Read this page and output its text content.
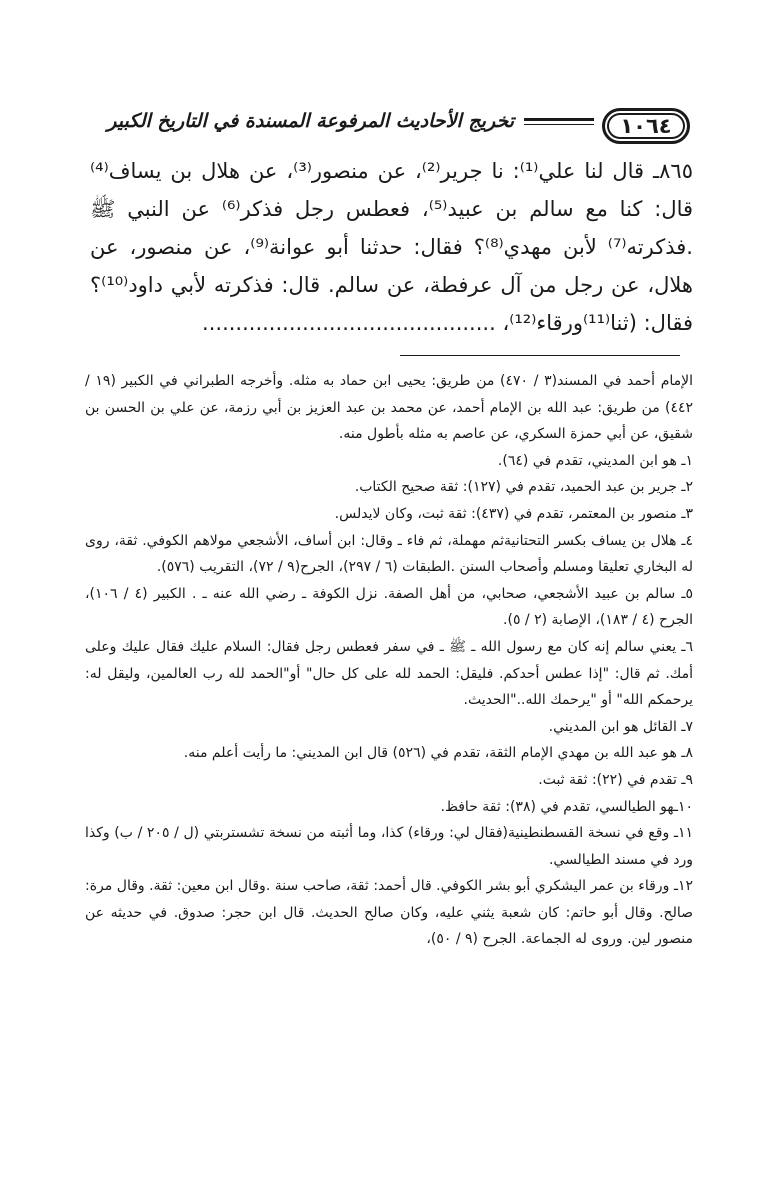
١٠٦٤
تخريج الأحاديث المرفوعة المسندة في التاريخ الكبير

٨٦٥ـ قال لنا علي⁽¹⁾: نا جرير⁽²⁾، عن منصور⁽³⁾، عن هلال بن يساف⁽⁴⁾ قال: كنا مع سالم بن عبيد⁽⁵⁾، فعطس رجل فذكر⁽⁶⁾ عن النبي ﷺ .فذكرته⁽⁷⁾ لأبن مهدي⁽⁸⁾؟ فقال: حدثنا أبو عوانة⁽⁹⁾، عن منصور، عن هلال، عن رجل من آل عرفطة، عن سالم. قال: فذكرته لأبي داود⁽¹⁰⁾؟ فقال: (ثنا⁽¹¹⁾ورقاء⁽¹²⁾، ............................................

الإمام أحمد في المسند(٣ / ٤٧٠) من طريق: يحيى ابن حماد به مثله. وأخرجه الطبراني في الكبير (١٩ / ٤٤٢) من طريق: عبد الله بن الإمام أحمد، عن محمد بن عبد العزيز بن أبي رزمة، عن علي بن الحسن بن شقيق، عن أبي حمزة السكري، عن عاصم به مثله بأطول منه.

١ـ هو ابن المديني، تقدم في (٦٤).

٢ـ جرير بن عبد الحميد، تقدم في (١٢٧): ثقة صحيح الكتاب.

٣ـ منصور بن المعتمر، تقدم في (٤٣٧): ثقة ثبت، وكان لايدلس.

٤ـ هلال بن يساف بكسر التحتانيةثم مهملة، ثم فاء ـ وقال: ابن أساف، الأشجعي مولاهم الكوفي. ثقة، روى له البخاري تعليقا ومسلم وأصحاب السنن .الطبقات (٦ / ٢٩٧)، الجرح(٩ / ٧٢)، التقريب (٥٧٦).

٥ـ سالم بن عبيد الأشجعي، صحابي، من أهل الصفة. نزل الكوفة ـ رضي الله عنه ـ . الكبير (٤ / ١٠٦)، الجرح (٤ / ١٨٣)، الإصابة (٢ / ٥).

٦ـ يعني سالم إنه كان مع رسول الله ـ ﷺ ـ في سفر فعطس رجل فقال: السلام عليك فقال عليك وعلى أمك. ثم قال: "إذا عطس أحدكم. فليقل: الحمد لله على كل حال" أو"الحمد لله رب العالمين، وليقل له: يرحمكم الله" أو "يرحمك الله.."الحديث.

٧ـ القائل هو ابن المديني.

٨ـ هو عبد الله بن مهدي الإمام الثقة، تقدم في (٥٢٦) قال ابن المديني: ما رأيت أعلم منه.

٩ـ تقدم في (٢٢): ثقة ثبت.

١٠ـهو الطيالسي، تقدم في (٣٨): ثقة حافظ.

١١ـ وقع في نسخة القسطنطينية(فقال لي: ورقاء) كذا، وما أثبته من نسخة تشستربتي (ل / ٢٠٥ / ب) وكذا ورد في مسند الطيالسي.

١٢ـ ورقاء بن عمر اليشكري أبو بشر الكوفي. قال أحمد: ثقة، صاحب سنة .وقال ابن معين: ثقة. وقال مرة: صالح. وقال أبو حاتم: كان شعبة يثني عليه، وكان صالح الحديث. قال ابن حجر: صدوق. في حديثه عن منصور لين. وروى له الجماعة. الجرح (٩ / ٥٠)،
